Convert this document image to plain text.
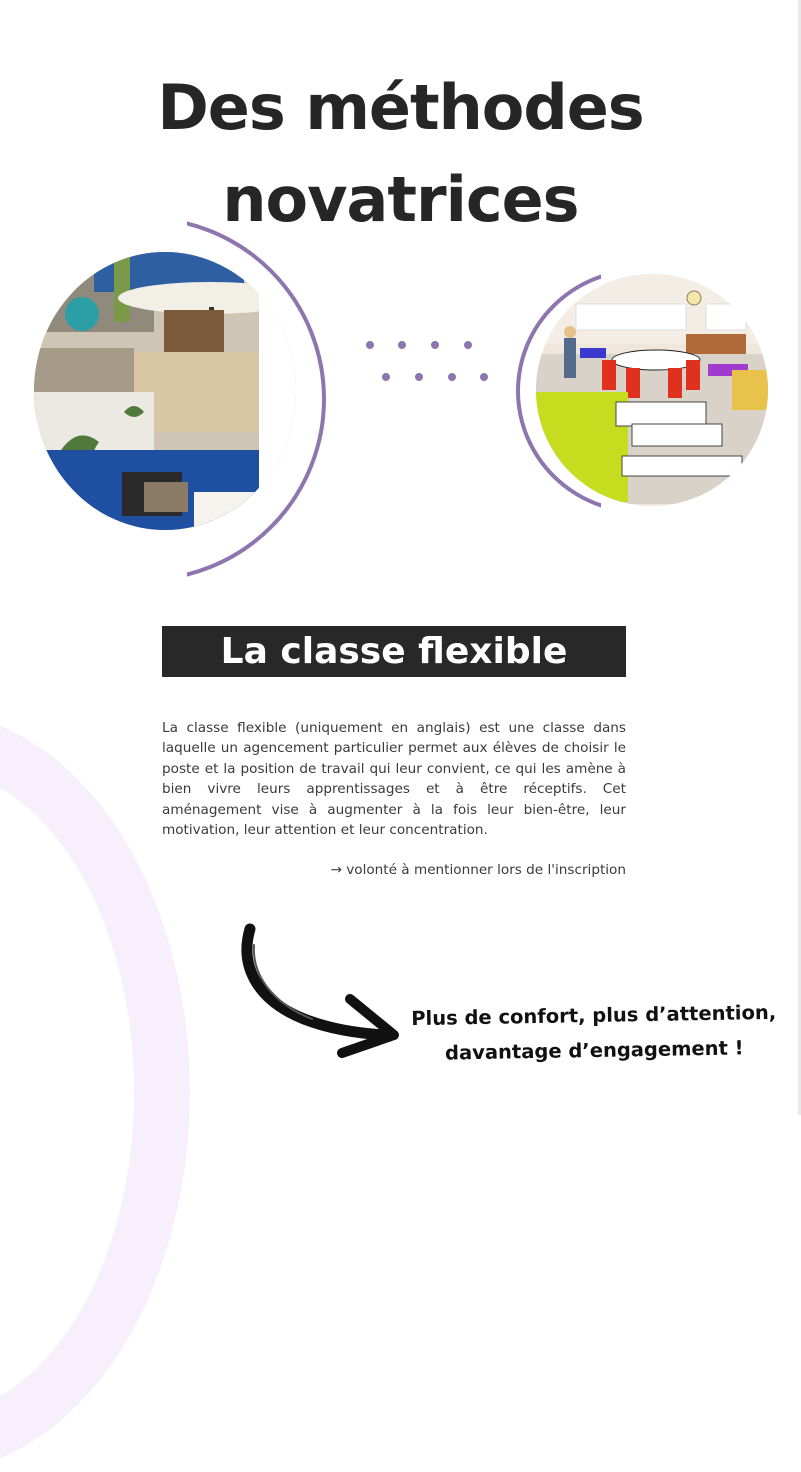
Des méthodes
novatrices
La classe flexible

La classe flexible (uniquement en anglais) est une classe dans laquelle un agencement particulier permet aux élèves de choisir le poste et la position de travail qui leur convient, ce qui les amène à bien vivre leurs apprentissages et à être réceptifs. Cet aménagement vise à augmenter à la fois leur bien-être, leur motivation, leur attention et leur concentration.

→ volonté à mentionner lors de l'inscription
Plus de confort, plus d’attention,
davantage d’engagement !
